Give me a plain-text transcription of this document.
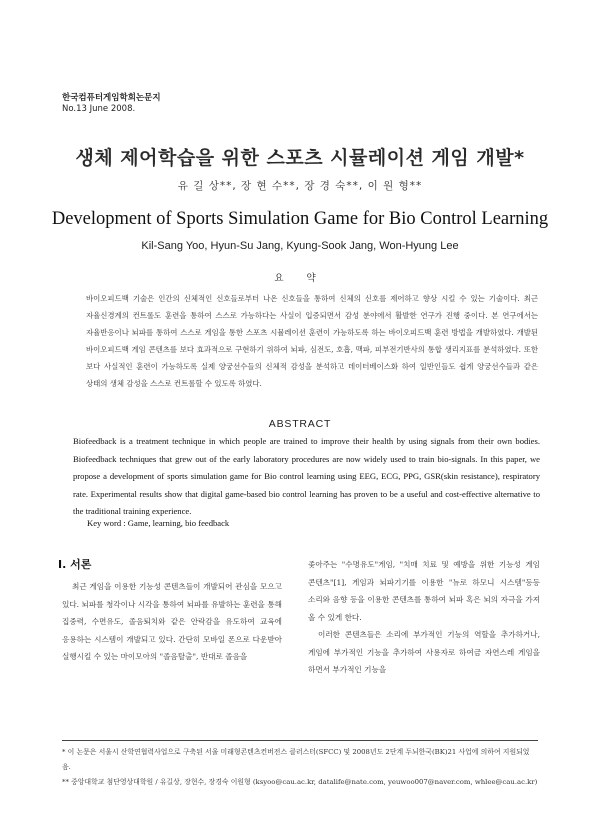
한국컴퓨터게임학회논문지
No.13 June 2008.
생체 제어학습을 위한 스포츠 시뮬레이션 게임 개발*
유 길 상**, 장 현 수**, 장 경 숙**, 이 원 형**
Development of Sports Simulation Game for Bio Control Learning
Kil-Sang Yoo, Hyun-Su Jang, Kyung-Sook Jang, Won-Hyung Lee
요 약

바이오피드백 기술은 인간의 신체적인 신호들로부터 나온 신호들을 통하여 신체의 신호를 제어하고 향상 시킬 수 있는 기술이다. 최근 자율신경계의 컨트롤도 훈련을 통하여 스스로 가능하다는 사실이 입증되면서 감성 분야에서 활발한 연구가 진행 중이다. 본 연구에서는 자율반응이나 뇌파를 통하여 스스로 게임을 통한 스포츠 시뮬레이션 훈련이 가능하도록 하는 바이오피드백 훈련 방법을 개발하였다. 개발된 바이오피드백 게임 콘텐츠를 보다 효과적으로 구현하기 위하여 뇌파, 심전도, 호흡, 맥파, 피부전기반사의 통합 생리지표를 분석하였다. 또한 보다 사실적인 훈련이 가능하도록 실제 양궁선수들의 신체적 감성을 분석하고 데이터베이스화 하여 일반인들도 쉽게 양궁선수들과 같은 상태의 생체 감성을 스스로 컨트롤할 수 있도록 하였다.

ABSTRACT

Biofeedback is a treatment technique in which people are trained to improve their health by using signals from their own bodies. Biofeedback techniques that grew out of the early laboratory procedures are now widely used to train bio-signals. In this paper, we propose a development of sports simulation game for Bio control learning using EEG, ECG, PPG, GSR(skin resistance), respiratory rate. Experimental results show that digital game-based bio control learning has proven to be a useful and cost-effective alternative to the traditional training experience.

Key word : Game, learning, bio feedback
Ⅰ. 서론

최근 게임을 이용한 기능성 콘텐츠들이 개발되어 관심을 모으고 있다. 뇌파를 청각이나 시각을 통하여 뇌파를 유발하는 훈련을 통해 집중력, 수면유도, 졸음퇴치와 같은 안락감을 유도하여 교육에 응용하는 시스템이 개발되고 있다. 간단히 모바일 폰으로 다운받아 실행시킬 수 있는 마이모아의 "졸음탈출", 반대로 졸음을

좇아주는 "수명유도"게임, "치매 치료 및 예방을 위한 기능성 게임 콘텐츠"[1], 게임과 뇌파기기를 이용한 "뉴로 하모니 시스템"등등 소리와 음향 등을 이용한 콘텐츠를 통하여 뇌파 혹은 뇌의 자극을 가져 올 수 있게 한다.

이러한 콘텐츠들은 소리에 부가적인 기능의 역할을 추가하거나, 게임에 부가적인 기능을 추가하여 사용자로 하여금 자연스레 게임을 하면서 부가적인 기능을

* 이 논문은 서울시 산학연협력사업으로 구축된 서울 미래형콘텐츠컨버전스 클러스터(SFCC) 및 2008년도 2단계 두뇌한국(BK)21 사업에 의하여 지원되었음.

** 중앙대학교 첨단영상대학원 / 유길상, 장현수, 장경숙 이원형 (ksyoo@cau.ac.kr, datalife@nate.com, yeuwoo007@naver.com, whlee@cau.ac.kr)
